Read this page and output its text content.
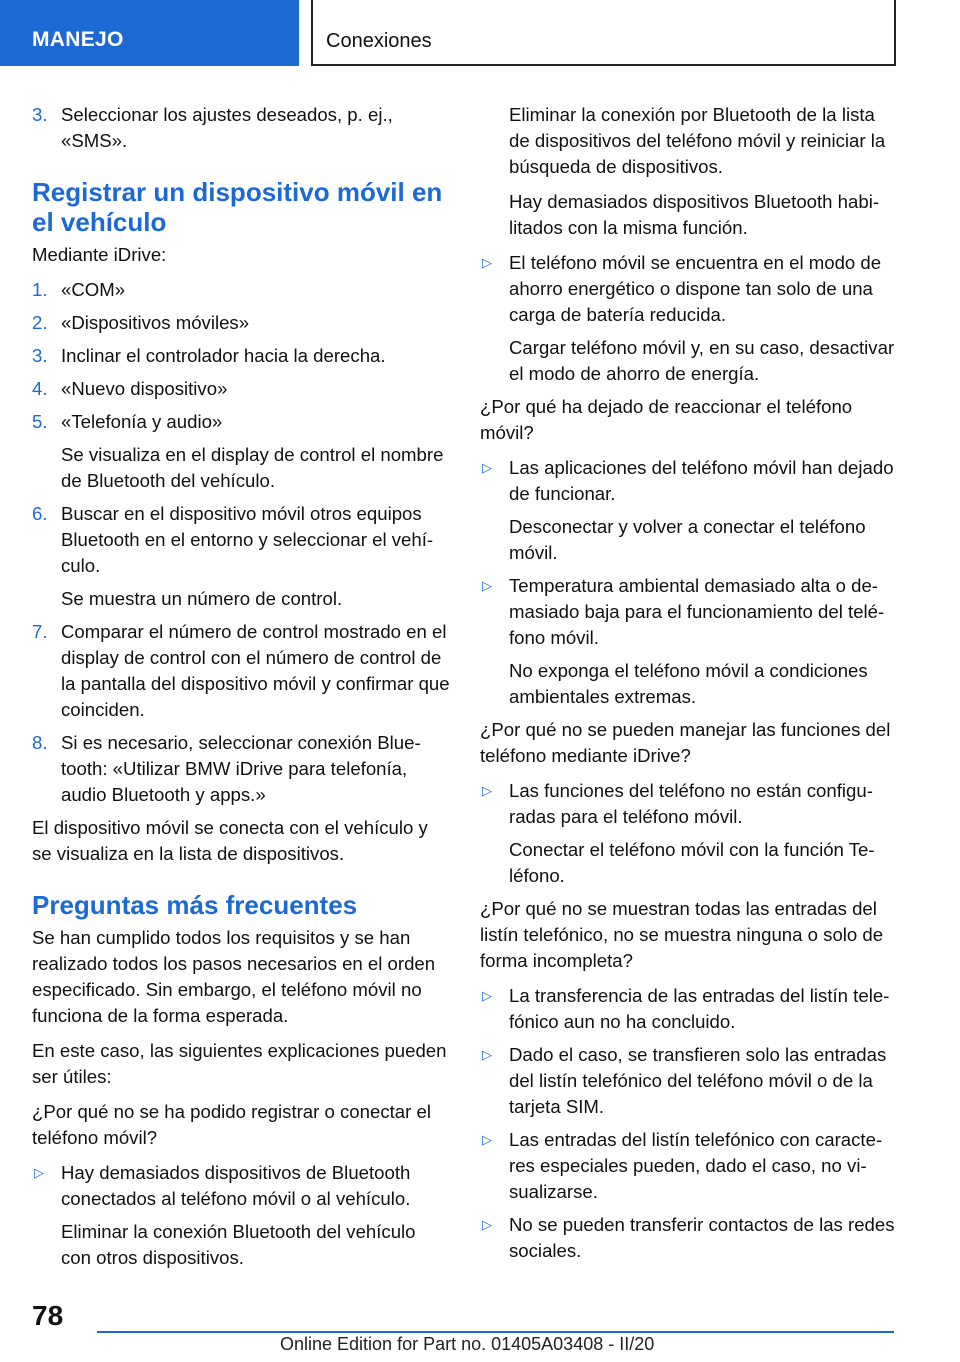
MANEJO	Conexiones
3. Seleccionar los ajustes deseados, p. ej., «SMS».
Registrar un dispositivo móvil en el vehículo

Mediante iDrive:

1. «COM»
2. «Dispositivos móviles»
3. Inclinar el controlador hacia la derecha.
4. «Nuevo dispositivo»
5. «Telefonía y audio»
Se visualiza en el display de control el nombre de Bluetooth del vehículo.
6. Buscar en el dispositivo móvil otros equipos Bluetooth en el entorno y seleccionar el vehículo.
Se muestra un número de control.
7. Comparar el número de control mostrado en el display de control con el número de control de la pantalla del dispositivo móvil y confirmar que coinciden.
8. Si es necesario, seleccionar conexión Bluetooth: «Utilizar BMW iDrive para telefonía, audio Bluetooth y apps.»

El dispositivo móvil se conecta con el vehículo y se visualiza en la lista de dispositivos.

Preguntas más frecuentes

Se han cumplido todos los requisitos y se han realizado todos los pasos necesarios en el orden especificado. Sin embargo, el teléfono móvil no funciona de la forma esperada.

En este caso, las siguientes explicaciones pueden ser útiles:

¿Por qué no se ha podido registrar o conectar el teléfono móvil?

▷ Hay demasiados dispositivos de Bluetooth conectados al teléfono móvil o al vehículo.
Eliminar la conexión Bluetooth del vehículo con otros dispositivos.

Eliminar la conexión por Bluetooth de la lista de dispositivos del teléfono móvil y reiniciar la búsqueda de dispositivos.

Hay demasiados dispositivos Bluetooth habilitados con la misma función.

▷ El teléfono móvil se encuentra en el modo de ahorro energético o dispone tan solo de una carga de batería reducida.
Cargar teléfono móvil y, en su caso, desactivar el modo de ahorro de energía.

¿Por qué ha dejado de reaccionar el teléfono móvil?

▷ Las aplicaciones del teléfono móvil han dejado de funcionar.
Desconectar y volver a conectar el teléfono móvil.
▷ Temperatura ambiental demasiado alta o demasiado baja para el funcionamiento del teléfono móvil.
No exponga el teléfono móvil a condiciones ambientales extremas.

¿Por qué no se pueden manejar las funciones del teléfono mediante iDrive?

▷ Las funciones del teléfono no están configuradas para el teléfono móvil.
Conectar el teléfono móvil con la función Teléfono.

¿Por qué no se muestran todas las entradas del listín telefónico, no se muestra ninguna o solo de forma incompleta?

▷ La transferencia de las entradas del listín telefónico aun no ha concluido.
▷ Dado el caso, se transfieren solo las entradas del listín telefónico del teléfono móvil o de la tarjeta SIM.
▷ Las entradas del listín telefónico con caracteres especiales pueden, dado el caso, no visualizarse.
▷ No se pueden transferir contactos de las redes sociales.
78
Online Edition for Part no. 01405A03408 - II/20
